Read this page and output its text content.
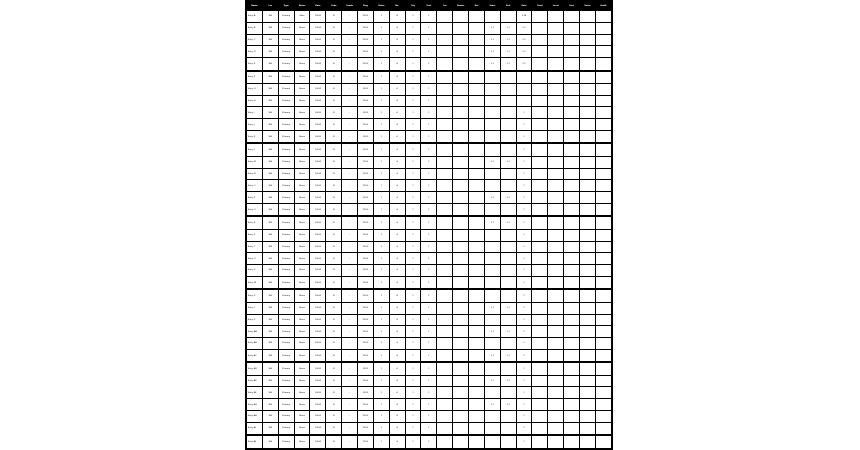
Name	Loc	Type	Notes	Date	Code	Grade	Flag	Value	No.	Qty	Unit	Cat	Status	Ref	Start	End	Rate	Total	Level	Sort	Extra	Audit
Entry A	W4	Primary	Main	10/24	N	-	223.5	1	4	1	1						2.24					
Entry B	W4	Primary	Notes	10/24	N	-	223.5	1	4	1	1				1.1	2.1	2.1					
Entry C	W4	Primary	Notes	10/24	N	-	223.5	1	4	1	1				1.1	2.1	2.1					
Entry D	W4	Primary	Notes	10/24	N	-	223.5	1	4	1	1				1.1	2.1	2.1					
Entry E	W4	Primary	Notes	10/24	N	-	223.5	1	4	1	1				1.1	2.1	2.1					
Entry F	W4	Primary	Notes	10/24	N	-	223.5	1	4	1	1											
Entry G	W4	Primary	Notes	10/24	N	-	223.5	1	4	1	1											
Entry H	W4	Primary	Notes	10/24	N	-	223.5	1	4	1	1											
Entry I	W4	Primary	Notes	10/24	N	-	223.5	1	4	1	1						1					
Entry J	W4	Primary	Notes	10/24	N	-	223.5	1	4	1	1						1					
Entry K	W4	Primary	Notes	10/24	N	-	223.5	1	4	1	1						1					
Entry L	W4	Primary	Notes	10/24	N	-	223.5	1	4	1	1						1					
Entry M	W4	Primary	Notes	10/24	N	-	223.5	1	4	1	1				1.1	2.1	1					
Entry N	W4	Primary	Notes	10/24	N	-	223.5	1	4	1	1						1					
Entry O	W4	Primary	Notes	10/24	N	-	223.5	1	4	1	1						1					
Entry P	W4	Primary	Notes	10/24	N	-	223.5	1	4	1	1				1.1	2.1	1					
Entry Q	W4	Primary	Notes	10/24	N	-	223.5	1	4	1	1						1					
Entry R	W4	Primary	Notes	10/24	N	-	223.5	1	4	1	1				1.1	2.1	1					
Entry S	W4	Primary	Notes	10/24	N	-	223.5	1	4	1	1						1					
Entry T	W4	Primary	Notes	10/24	N	-	223.5	1	4	1	1						1					
Entry U	W4	Primary	Notes	10/24	N	-	223.5	1	4	1	1						1					
Entry V	W4	Primary	Notes	10/24	N	-	223.5	1	4	1	1						1					
Entry W	W4	Primary	Notes	10/24	N	-	223.5	1	4	1	1						1					
Entry X	W4	Primary	Notes	10/24	N	-	223.5	1	4	1	1						1					
Entry Y	W4	Primary	Notes	10/24	N	-	223.5	1	4	1	1				1.1	2.1	1					
Entry Z	W4	Primary	Notes	10/24	N	-	223.5	1	4	1	1						1					
Entry AA	W4	Primary	Notes	10/24	N	-	223.5	1	4	1	1				1.1	2.1	1					
Entry AB	W4	Primary	Notes	10/24	N	-	223.5	1	4	1	1						1					
Entry AC	W4	Primary	Notes	10/24	N	-	223.5	1	4	1	1				1.1	2.1	1					
Entry AD	W4	Primary	Notes	10/24	N	-	223.5	1	4	1	1						1					
Entry AE	W4	Primary	Notes	10/24	N	-	223.5	1	4	1	1				1.1	2.1	1					
Entry AF	W4	Primary	Notes	10/24	N	-	223.5	1	4	1	1						1					
Entry AG	W4	Primary	Notes	10/24	N	-	223.5	1	4	1	1				1.1	2.1	1					
Entry AH	W4	Primary	Notes	10/24	N	-	223.5	1	4	1	1						1					
Entry AI	W4	Primary	Notes	10/24	N	-	223.5	1	4	1	1						1					
Entry AJ	W4	Primary	Notes	10/24	N	-	223.5	1	4	1	1						1					
